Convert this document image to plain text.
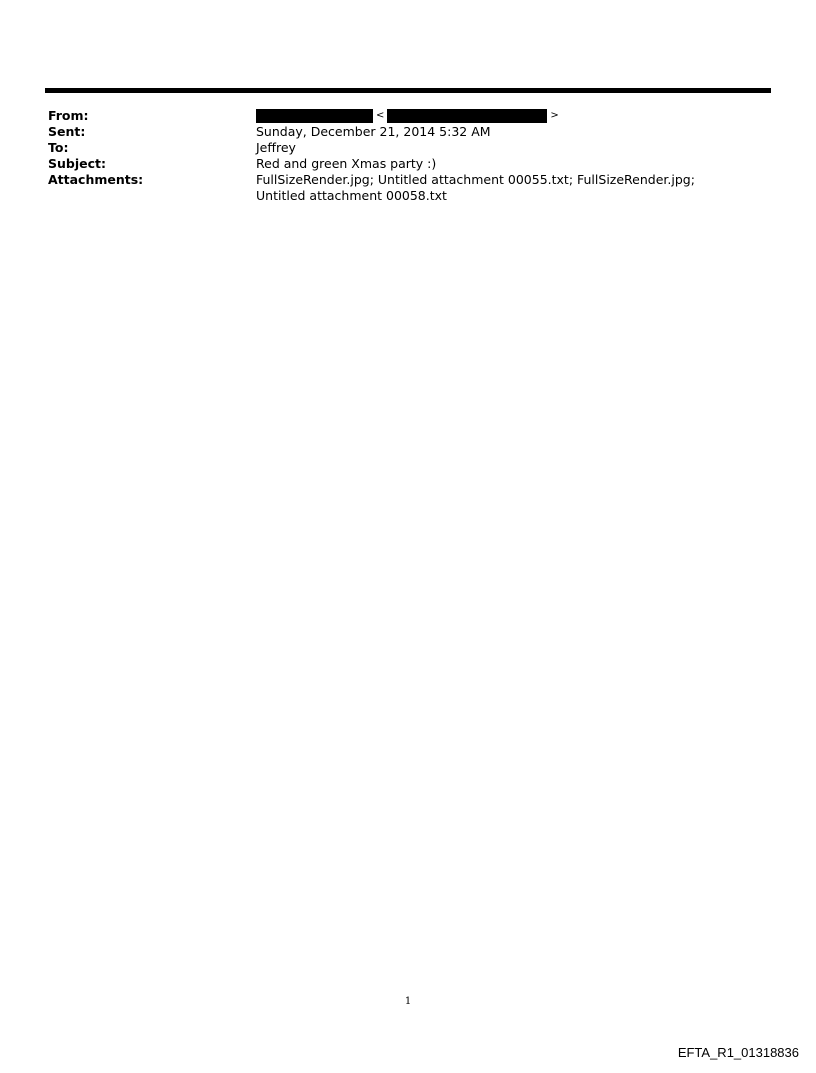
From:	<	>
Sent:	Sunday, December 21, 2014 5:32 AM
To:	Jeffrey
Subject:	Red and green Xmas party :)
Attachments:	FullSizeRender.jpg; Untitled attachment 00055.txt; FullSizeRender.jpg; Untitled attachment 00058.txt
1
EFTA_R1_01318836
